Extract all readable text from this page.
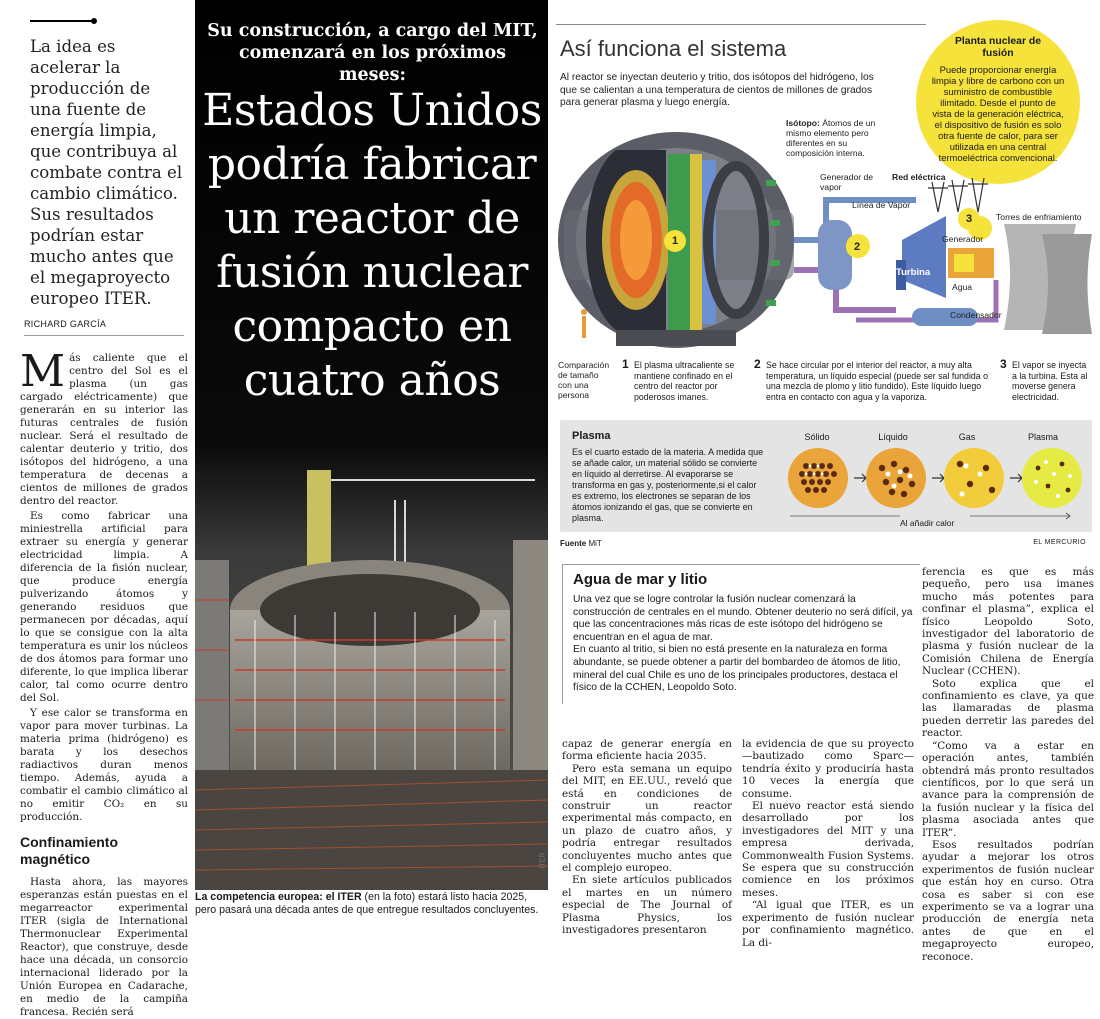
La idea es acelerar la producción de una fuente de energía limpia, que contribuya al combate contra el cambio climático. Sus resultados podrían estar mucho antes que el megaproyecto europeo ITER.
RICHARD GARCÍA

Más caliente que el centro del Sol es el plasma (un gas cargado eléctricamente) que generarán en su interior las futuras centrales de fusión nuclear. Será el resultado de calentar deuterio y tritio, dos isótopos del hidrógeno, a una temperatura de decenas a cientos de millones de grados dentro del reactor.

Es como fabricar una miniestrella artificial para extraer su energía y generar electricidad limpia. A diferencia de la fisión nuclear, que produce energía pulverizando átomos y generando residuos que permanecen por décadas, aquí lo que se consigue con la alta temperatura es unir los núcleos de dos átomos para formar uno diferente, lo que implica liberar calor, tal como ocurre dentro del Sol.

Y ese calor se transforma en vapor para mover turbinas. La materia prima (hidrógeno) es barata y los desechos radiactivos duran menos tiempo. Además, ayuda a combatir el cambio climático al no emitir CO₂ en su producción.

Confinamiento magnético

Hasta ahora, las mayores esperanzas están puestas en el megarreactor experimental ITER (sigla de International Thermonuclear Experimental Reactor), que construye, desde hace una década, un consorcio internacional liderado por la Unión Europea en Cadarache, en medio de la campiña francesa. Recién será

Su construcción, a cargo del MIT, comenzará en los próximos meses:
Estados Unidos podría fabricar un reactor de fusión nuclear compacto en cuatro años
ITER
La competencia europea: el ITER (en la foto) estará listo hacia 2025, pero pasará una década antes de que entregue resultados concluyentes.
Así funciona el sistema
Al reactor se inyectan deuterio y tritio, dos isótopos del hidrógeno, los que se calientan a una temperatura de cientos de millones de grados para generar plasma y luego energía.
Planta nuclear de fusión
Puede proporcionar energía limpia y libre de carbono con un suministro de combustible ilimitado. Desde el punto de vista de la generación eléctrica, el dispositivo de fusión es solo otra fuente de calor, para ser utilizada en una central termoeléctrica convencional.
1	2
3
Isótopo: Átomos de un mismo elemento pero diferentes en su composición interna.
Generador de vapor
Red eléctrica
Línea de Vapor
Torres de enfriamiento
Generador
Turbina
Agua
Condensador
Comparación de tamaño con una persona
1 El plasma ultracaliente se mantiene confinado en el centro del reactor por poderosos imanes.
2 Se hace circular por el interior del reactor, a muy alta temperatura, un líquido especial (puede ser sal fundida o una mezcla de plomo y litio fundido). Este líquido luego entra en contacto con agua y la vaporiza.
3 El vapor se inyecta a la turbina. Esta al moverse genera electricidad.
Plasma
Es el cuarto estado de la materia. A medida que se añade calor, un material sólido se convierte en líquido al derretirse. Al evaporarse se transforma en gas y, posteriormente,si el calor es extremo, los electrones se separan de los átomos ionizando el gas, que se convierte en plasma.
Sólido	Líquido	Gas	Plasma
Al añadir calor
Fuente MiT	EL MERCURIO
Agua de mar y litio
Una vez que se logre controlar la fusión nuclear comenzará la construcción de centrales en el mundo. Obtener deuterio no será difícil, ya que las concentraciones más ricas de este isótopo del hidrógeno se encuentran en el agua de mar.
En cuanto al tritio, si bien no está presente en la naturaleza en forma abundante, se puede obtener a partir del bombardeo de átomos de litio, mineral del cual Chile es uno de los principales productores, destaca el físico de la CCHEN, Leopoldo Soto.

capaz de generar energía en forma eficiente hacia 2035.

Pero esta semana un equipo del MIT, en EE.UU., reveló que está en condiciones de construir un reactor experimental más compacto, en un plazo de cuatro años, y podría entregar resultados concluyentes mucho antes que el complejo europeo.

En siete artículos publicados el martes en un número especial de The Journal of Plasma Physics, los investigadores presentaron

la evidencia de que su proyecto —bautizado como Sparc— tendría éxito y produciría hasta 10 veces la energía que consume.

El nuevo reactor está siendo desarrollado por los investigadores del MIT y una empresa derivada, Commonwealth Fusion Systems. Se espera que su construcción comience en los próximos meses.

“Al igual que ITER, es un experimento de fusión nuclear por confinamiento magnético. La di-

ferencia es que es más pequeño, pero usa imanes mucho más potentes para confinar el plasma”, explica el físico Leopoldo Soto, investigador del laboratorio de plasma y fusión nuclear de la Comisión Chilena de Energía Nuclear (CCHEN).

Soto explica que el confinamiento es clave, ya que las llamaradas de plasma pueden derretir las paredes del reactor.

“Como va a estar en operación antes, también obtendrá más pronto resultados científicos, por lo que será un avance para la comprensión de la fusión nuclear y la física del plasma asociada antes que ITER”.

Esos resultados podrían ayudar a mejorar los otros experimentos de fusión nuclear que están hoy en curso. Otra cosa es saber si con ese experimento se va a lograr una producción de energía neta antes de que en el megaproyecto europeo, reconoce.
